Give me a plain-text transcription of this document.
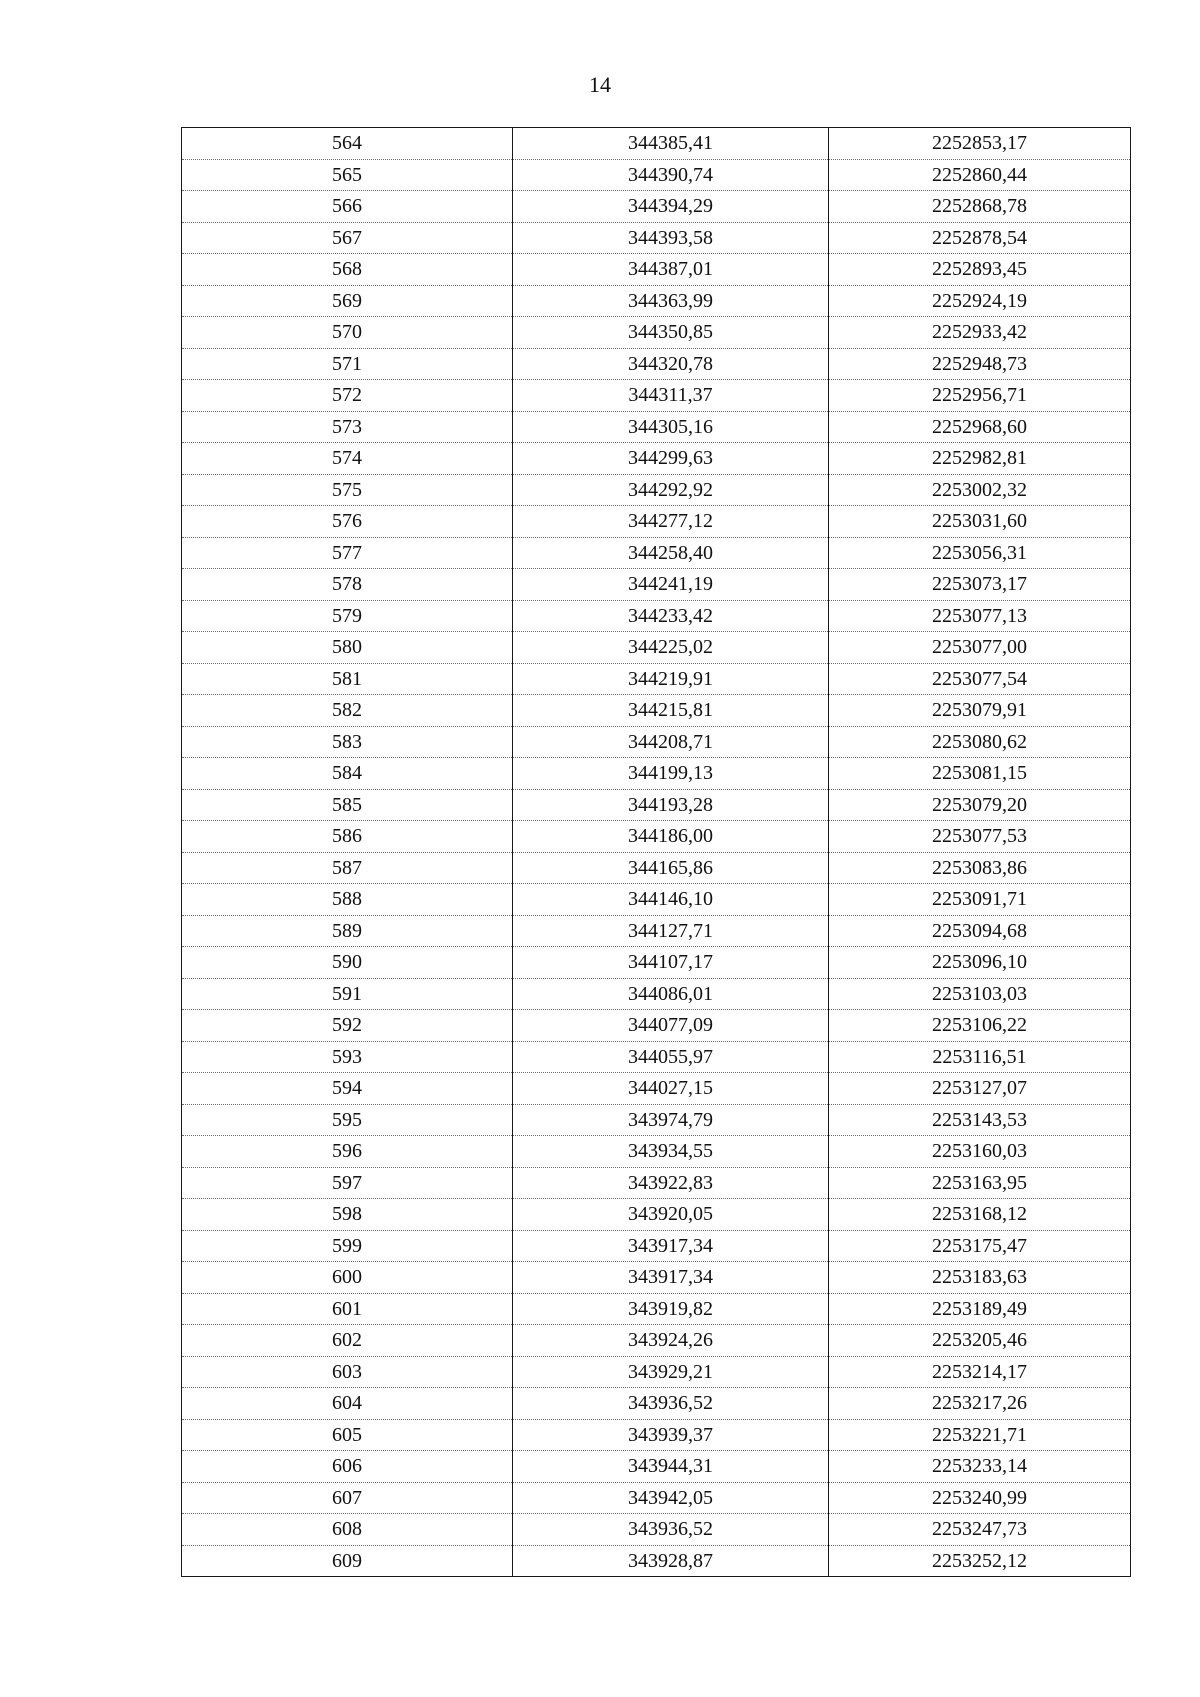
14
564	344385,41	2252853,17
565	344390,74	2252860,44
566	344394,29	2252868,78
567	344393,58	2252878,54
568	344387,01	2252893,45
569	344363,99	2252924,19
570	344350,85	2252933,42
571	344320,78	2252948,73
572	344311,37	2252956,71
573	344305,16	2252968,60
574	344299,63	2252982,81
575	344292,92	2253002,32
576	344277,12	2253031,60
577	344258,40	2253056,31
578	344241,19	2253073,17
579	344233,42	2253077,13
580	344225,02	2253077,00
581	344219,91	2253077,54
582	344215,81	2253079,91
583	344208,71	2253080,62
584	344199,13	2253081,15
585	344193,28	2253079,20
586	344186,00	2253077,53
587	344165,86	2253083,86
588	344146,10	2253091,71
589	344127,71	2253094,68
590	344107,17	2253096,10
591	344086,01	2253103,03
592	344077,09	2253106,22
593	344055,97	2253116,51
594	344027,15	2253127,07
595	343974,79	2253143,53
596	343934,55	2253160,03
597	343922,83	2253163,95
598	343920,05	2253168,12
599	343917,34	2253175,47
600	343917,34	2253183,63
601	343919,82	2253189,49
602	343924,26	2253205,46
603	343929,21	2253214,17
604	343936,52	2253217,26
605	343939,37	2253221,71
606	343944,31	2253233,14
607	343942,05	2253240,99
608	343936,52	2253247,73
609	343928,87	2253252,12
